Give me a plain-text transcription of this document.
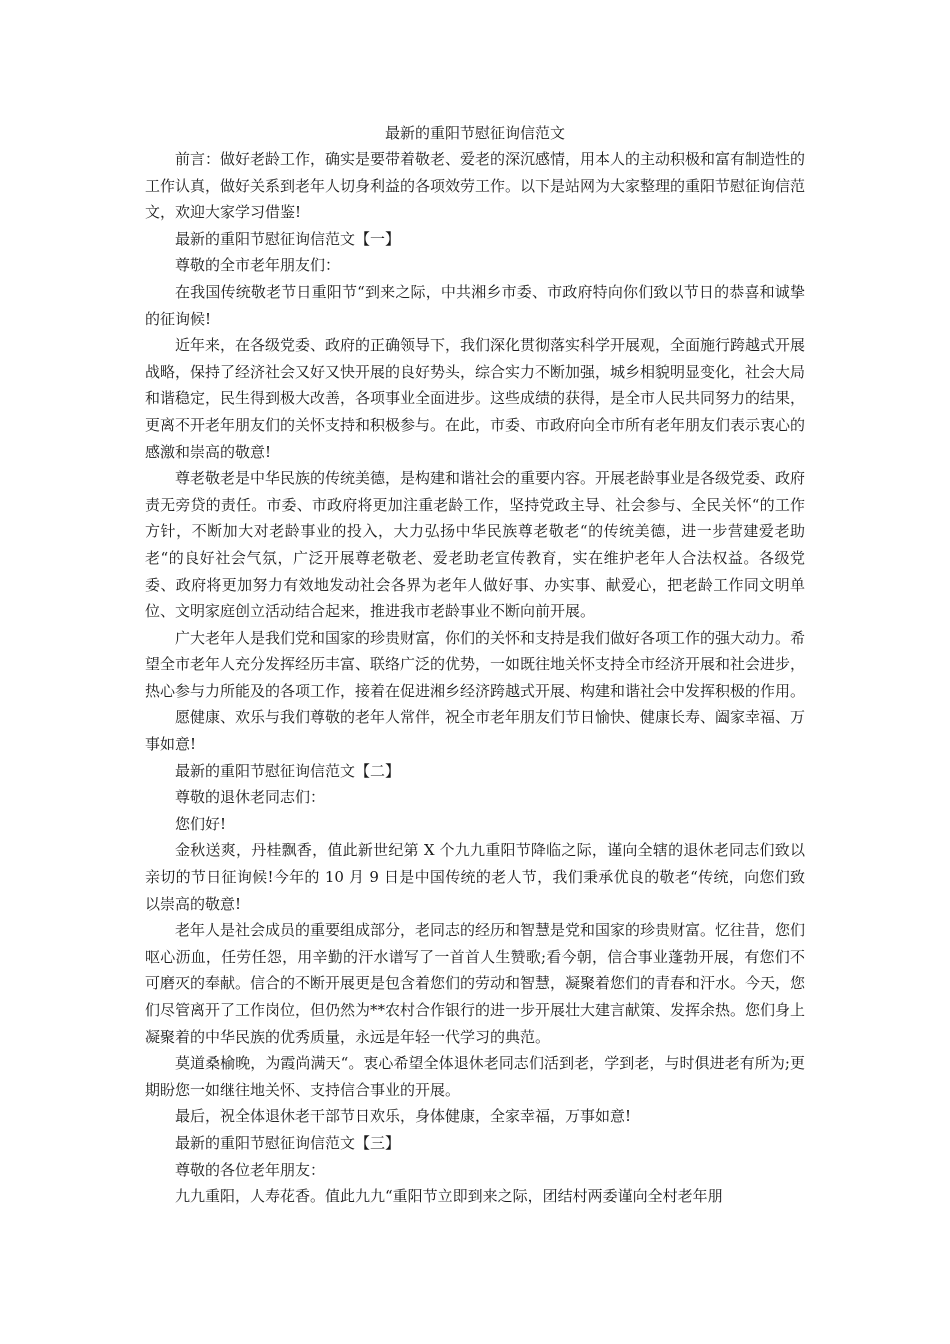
最新的重阳节慰征询信范文

前言：做好老龄工作，确实是要带着敬老、爱老的深沉感情，用本人的主动积极和富有制造性的工作认真，做好关系到老年人切身利益的各项效劳工作。以下是站网为大家整理的重阳节慰征询信范文，欢迎大家学习借鉴!

最新的重阳节慰征询信范文【一】

尊敬的全市老年朋友们：

在我国传统敬老节日重阳节“到来之际，中共湘乡市委、市政府特向你们致以节日的恭喜和诚挚的征询候!

近年来，在各级党委、政府的正确领导下，我们深化贯彻落实科学开展观，全面施行跨越式开展战略，保持了经济社会又好又快开展的良好势头，综合实力不断加强，城乡相貌明显变化，社会大局和谐稳定，民生得到极大改善，各项事业全面进步。这些成绩的获得，是全市人民共同努力的结果，更离不开老年朋友们的关怀支持和积极参与。在此，市委、市政府向全市所有老年朋友们表示衷心的感激和崇高的敬意!

尊老敬老是中华民族的传统美德，是构建和谐社会的重要内容。开展老龄事业是各级党委、政府责无旁贷的责任。市委、市政府将更加注重老龄工作，坚持党政主导、社会参与、全民关怀“的工作方针，不断加大对老龄事业的投入，大力弘扬中华民族尊老敬老“的传统美德，进一步营建爱老助老“的良好社会气氛，广泛开展尊老敬老、爱老助老宣传教育，实在维护老年人合法权益。各级党委、政府将更加努力有效地发动社会各界为老年人做好事、办实事、献爱心，把老龄工作同文明单位、文明家庭创立活动结合起来，推进我市老龄事业不断向前开展。

广大老年人是我们党和国家的珍贵财富，你们的关怀和支持是我们做好各项工作的强大动力。希望全市老年人充分发挥经历丰富、联络广泛的优势，一如既往地关怀支持全市经济开展和社会进步，热心参与力所能及的各项工作，接着在促进湘乡经济跨越式开展、构建和谐社会中发挥积极的作用。

愿健康、欢乐与我们尊敬的老年人常伴，祝全市老年朋友们节日愉快、健康长寿、阖家幸福、万事如意!

最新的重阳节慰征询信范文【二】

尊敬的退休老同志们：

您们好!

金秋送爽，丹桂飘香，值此新世纪第 X 个九九重阳节降临之际，谨向全辖的退休老同志们致以亲切的节日征询候!今年的 10 月 9 日是中国传统的老人节，我们秉承优良的敬老“传统，向您们致以崇高的敬意!

老年人是社会成员的重要组成部分，老同志的经历和智慧是党和国家的珍贵财富。忆往昔，您们呕心沥血，任劳任怨，用辛勤的汗水谱写了一首首人生赞歌;看今朝，信合事业蓬勃开展，有您们不可磨灭的奉献。信合的不断开展更是包含着您们的劳动和智慧，凝聚着您们的青春和汗水。今天，您们尽管离开了工作岗位，但仍然为**农村合作银行的进一步开展壮大建言献策、发挥余热。您们身上凝聚着的中华民族的优秀质量，永远是年轻一代学习的典范。

莫道桑榆晚，为霞尚满天“。衷心希望全体退休老同志们活到老，学到老，与时俱进老有所为;更期盼您一如继往地关怀、支持信合事业的开展。

最后，祝全体退休老干部节日欢乐，身体健康，全家幸福，万事如意!

最新的重阳节慰征询信范文【三】

尊敬的各位老年朋友：

九九重阳，人寿花香。值此九九“重阳节立即到来之际，团结村两委谨向全村老年朋
